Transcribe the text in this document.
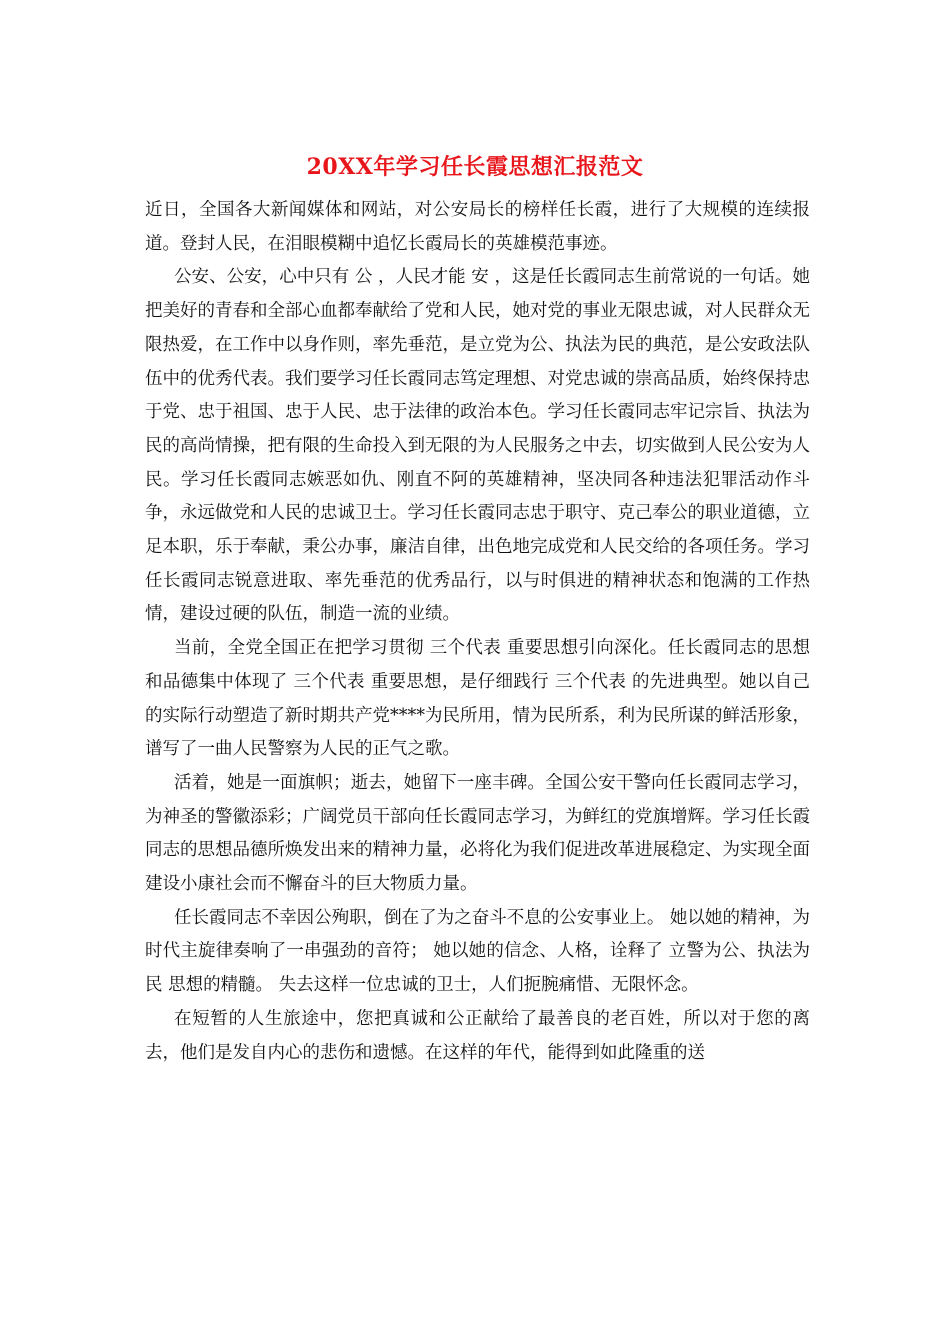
20XX年学习任长霞思想汇报范文

近日，全国各大新闻媒体和网站，对公安局长的榜样任长霞，进行了大规模的连续报道。登封人民，在泪眼模糊中追忆长霞局长的英雄模范事迹。

公安、公安，心中只有 公 ，人民才能 安 ，这是任长霞同志生前常说的一句话。她把美好的青春和全部心血都奉献给了党和人民，她对党的事业无限忠诚，对人民群众无限热爱，在工作中以身作则，率先垂范，是立党为公、执法为民的典范，是公安政法队伍中的优秀代表。我们要学习任长霞同志笃定理想、对党忠诚的崇高品质，始终保持忠于党、忠于祖国、忠于人民、忠于法律的政治本色。学习任长霞同志牢记宗旨、执法为民的高尚情操，把有限的生命投入到无限的为人民服务之中去，切实做到人民公安为人民。学习任长霞同志嫉恶如仇、刚直不阿的英雄精神，坚决同各种违法犯罪活动作斗争，永远做党和人民的忠诚卫士。学习任长霞同志忠于职守、克己奉公的职业道德，立足本职，乐于奉献，秉公办事，廉洁自律，出色地完成党和人民交给的各项任务。学习任长霞同志锐意进取、率先垂范的优秀品行，以与时俱进的精神状态和饱满的工作热情，建设过硬的队伍，制造一流的业绩。

当前，全党全国正在把学习贯彻 三个代表 重要思想引向深化。任长霞同志的思想和品德集中体现了 三个代表 重要思想，是仔细践行 三个代表 的先进典型。她以自己的实际行动塑造了新时期共产党****为民所用，情为民所系，利为民所谋的鲜活形象，谱写了一曲人民警察为人民的正气之歌。

活着，她是一面旗帜；逝去，她留下一座丰碑。全国公安干警向任长霞同志学习，为神圣的警徽添彩；广阔党员干部向任长霞同志学习，为鲜红的党旗增辉。学习任长霞同志的思想品德所焕发出来的精神力量，必将化为我们促进改革进展稳定、为实现全面建设小康社会而不懈奋斗的巨大物质力量。

任长霞同志不幸因公殉职，倒在了为之奋斗不息的公安事业上。 她以她的精神，为时代主旋律奏响了一串强劲的音符； 她以她的信念、人格，诠释了 立警为公、执法为民 思想的精髓。 失去这样一位忠诚的卫士，人们扼腕痛惜、无限怀念。

在短暂的人生旅途中，您把真诚和公正献给了最善良的老百姓，所以对于您的离去，他们是发自内心的悲伤和遗憾。在这样的年代，能得到如此隆重的送
